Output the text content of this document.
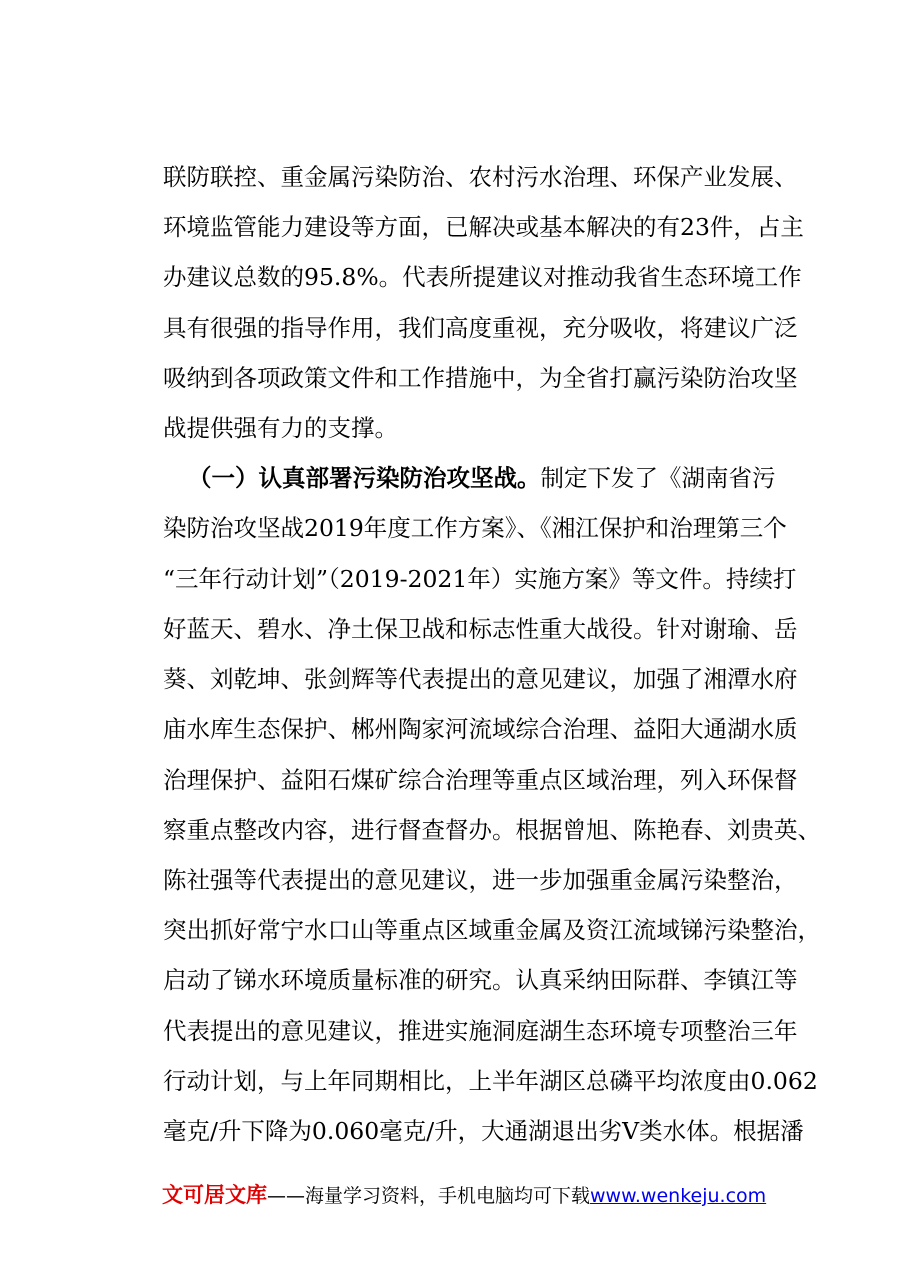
联防联控、重金属污染防治、农村污水治理、环保产业发展、
环境监管能力建设等方面，已解决或基本解决的有23件，占主
办建议总数的95.8%。代表所提建议对推动我省生态环境工作
具有很强的指导作用，我们高度重视，充分吸收，将建议广泛
吸纳到各项政策文件和工作措施中，为全省打赢污染防治攻坚
战提供强有力的支撑。
（一）认真部署污染防治攻坚战。制定下发了《湖南省污
染防治攻坚战2019年度工作方案》、《湘江保护和治理第三个
“三年行动计划”（2019-2021年）实施方案》等文件。持续打
好蓝天、碧水、净土保卫战和标志性重大战役。针对谢瑜、岳
葵、刘乾坤、张剑辉等代表提出的意见建议，加强了湘潭水府
庙水库生态保护、郴州陶家河流域综合治理、益阳大通湖水质
治理保护、益阳石煤矿综合治理等重点区域治理，列入环保督
察重点整改内容，进行督查督办。根据曾旭、陈艳春、刘贵英、
陈社强等代表提出的意见建议，进一步加强重金属污染整治，
突出抓好常宁水口山等重点区域重金属及资江流域锑污染整治，
启动了锑水环境质量标准的研究。认真采纳田际群、李镇江等
代表提出的意见建议，推进实施洞庭湖生态环境专项整治三年
行动计划，与上年同期相比，上半年湖区总磷平均浓度由0.062
毫克/升下降为0.060毫克/升，大通湖退出劣V类水体。根据潘
文可居文库——海量学习资料，手机电脑均可下载www.wenkeju.com
